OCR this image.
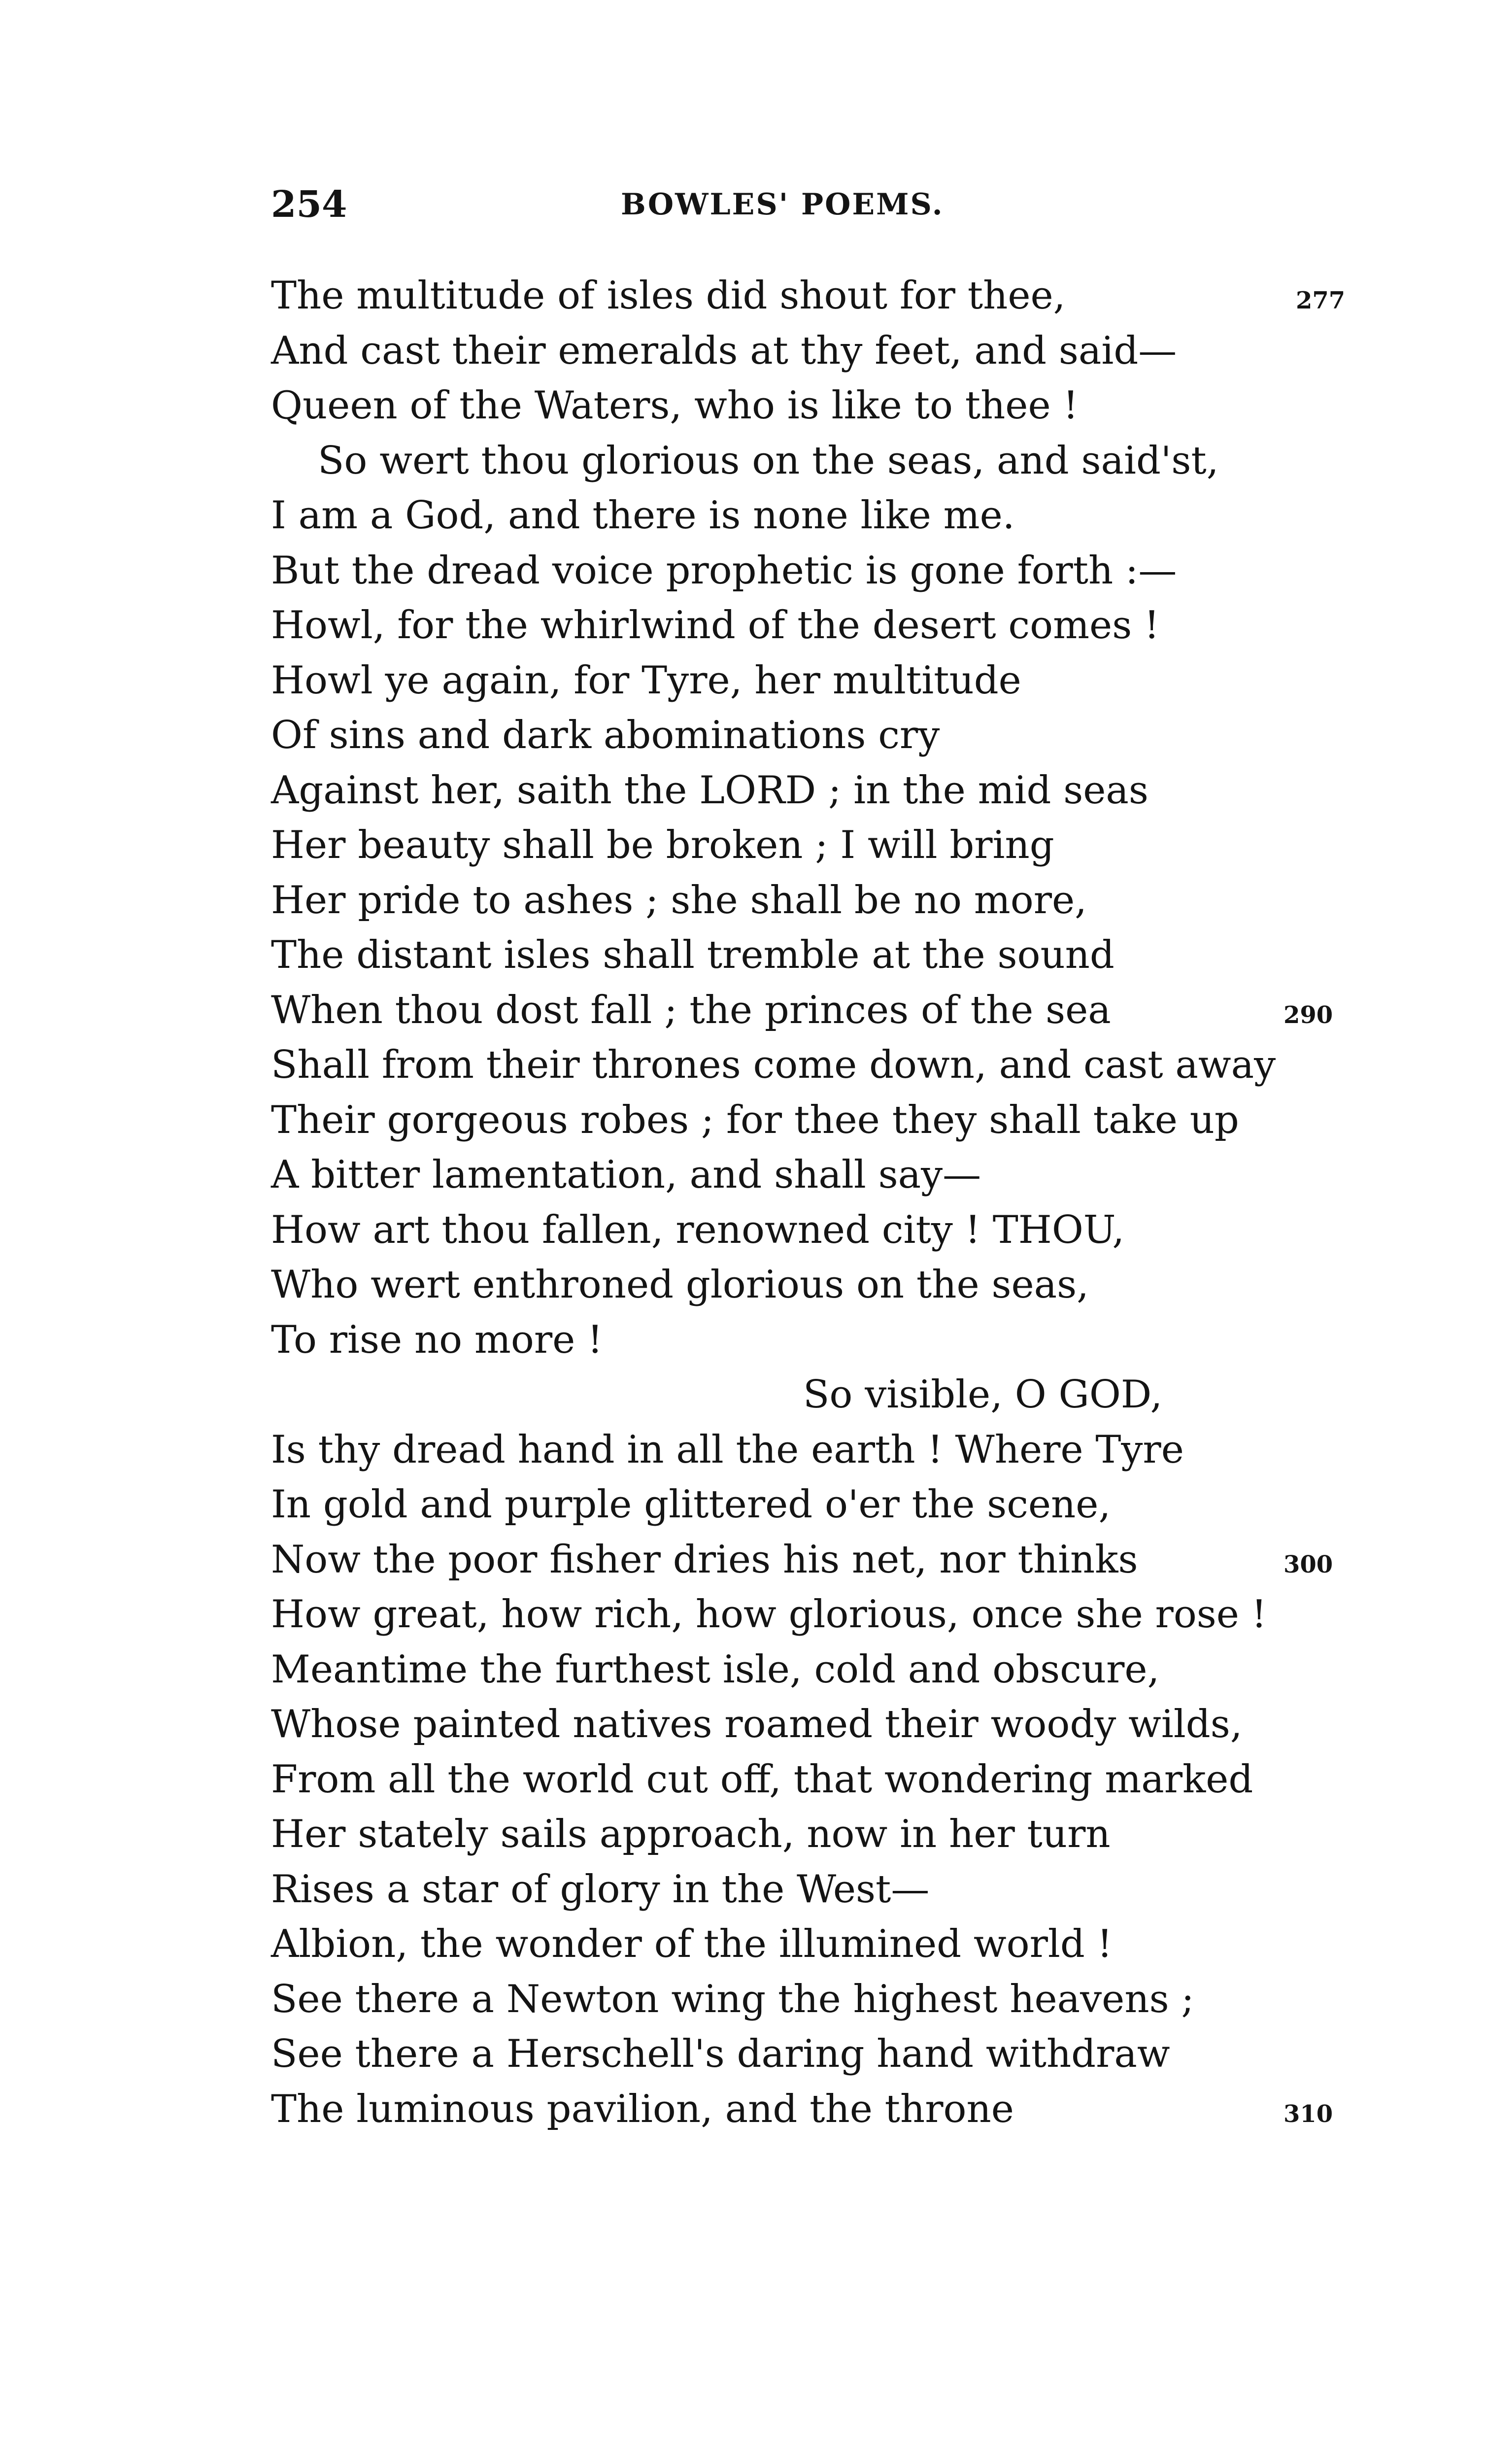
254	BOWLES' POEMS.
The multitude of isles did shout for thee,	277
And cast their emeralds at thy feet, and said—
Queen of the Waters, who is like to thee !
So wert thou glorious on the seas, and said'st,
I am a God, and there is none like me.
But the dread voice prophetic is gone forth :—
Howl, for the whirlwind of the desert comes !
Howl ye again, for Tyre, her multitude
Of sins and dark abominations cry
Against her, saith the LORD ; in the mid seas
Her beauty shall be broken ; I will bring
Her pride to ashes ; she shall be no more,
The distant isles shall tremble at the sound
When thou dost fall ; the princes of the sea	290
Shall from their thrones come down, and cast away
Their gorgeous robes ; for thee they shall take up
A bitter lamentation, and shall say—
How art thou fallen, renowned city ! THOU,
Who wert enthroned glorious on the seas,
To rise no more !
So visible, O GOD,
Is thy dread hand in all the earth ! Where Tyre
In gold and purple glittered o'er the scene,
Now the poor fisher dries his net, nor thinks	300
How great, how rich, how glorious, once she rose !
Meantime the furthest isle, cold and obscure,
Whose painted natives roamed their woody wilds,
From all the world cut off, that wondering marked
Her stately sails approach, now in her turn
Rises a star of glory in the West—
Albion, the wonder of the illumined world !
See there a Newton wing the highest heavens ;
See there a Herschell's daring hand withdraw
The luminous pavilion, and the throne	310
